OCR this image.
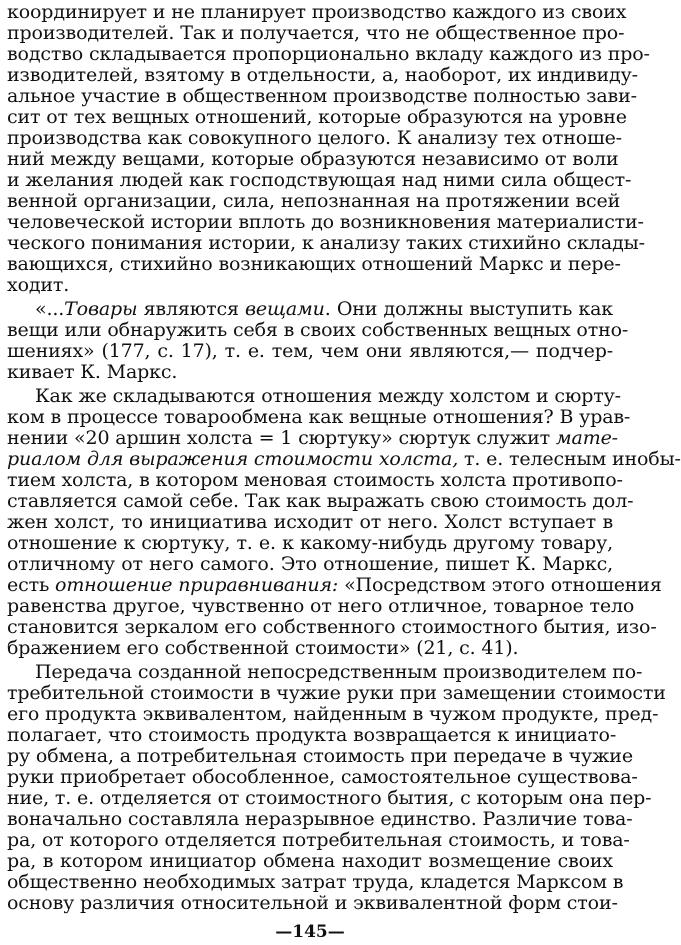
координирует и не планирует производство каждого из своих
производителей. Так и получается, что не общественное про-
водство складывается пропорционально вкладу каждого из про-
изводителей, взятому в отдельности, а, наоборот, их индивиду-
альное участие в общественном производстве полностью зави-
сит от тех вещных отношений, которые образуются на уровне
производства как совокупного целого. К анализу тех отноше-
ний между вещами, которые образуются независимо от воли
и желания людей как господствующая над ними сила общест-
венной организации, сила, непознанная на протяжении всей
человеческой истории вплоть до возникновения материалисти-
ческого понимания истории, к анализу таких стихийно склады-
вающихся, стихийно возникающих отношений Маркс и пере-
ходит.
«...Товары являются вещами. Они должны выступить как
вещи или обнаружить себя в своих собственных вещных отно-
шениях» (177, с. 17), т. е. тем, чем они являются,— подчер-
кивает К. Маркс.
Как же складываются отношения между холстом и сюрту-
ком в процессе товарообмена как вещные отношения? В урав-
нении «20 аршин холста = 1 сюртуку» сюртук служит мате-
риалом для выражения стоимости холста, т. е. телесным инобы-
тием холста, в котором меновая стоимость холста противопо-
ставляется самой себе. Так как выражать свою стоимость дол-
жен холст, то инициатива исходит от него. Холст вступает в
отношение к сюртуку, т. е. к какому-нибудь другому товару,
отличному от него самого. Это отношение, пишет К. Маркс,
есть отношение приравнивания: «Посредством этого отношения
равенства другое, чувственно от него отличное, товарное тело
становится зеркалом его собственного стоимостного бытия, изо-
бражением его собственной стоимости» (21, с. 41).
Передача созданной непосредственным производителем по-
требительной стоимости в чужие руки при замещении стоимости
его продукта эквивалентом, найденным в чужом продукте, пред-
полагает, что стоимость продукта возвращается к инициато-
ру обмена, а потребительная стоимость при передаче в чужие
руки приобретает обособленное, самостоятельное существова-
ние, т. е. отделяется от стоимостного бытия, с которым она пер-
воначально составляла неразрывное единство. Различие това-
ра, от которого отделяется потребительная стоимость, и това-
ра, в котором инициатор обмена находит возмещение своих
общественно необходимых затрат труда, кладется Марксом в
основу различия относительной и эквивалентной форм стои-
—145—
